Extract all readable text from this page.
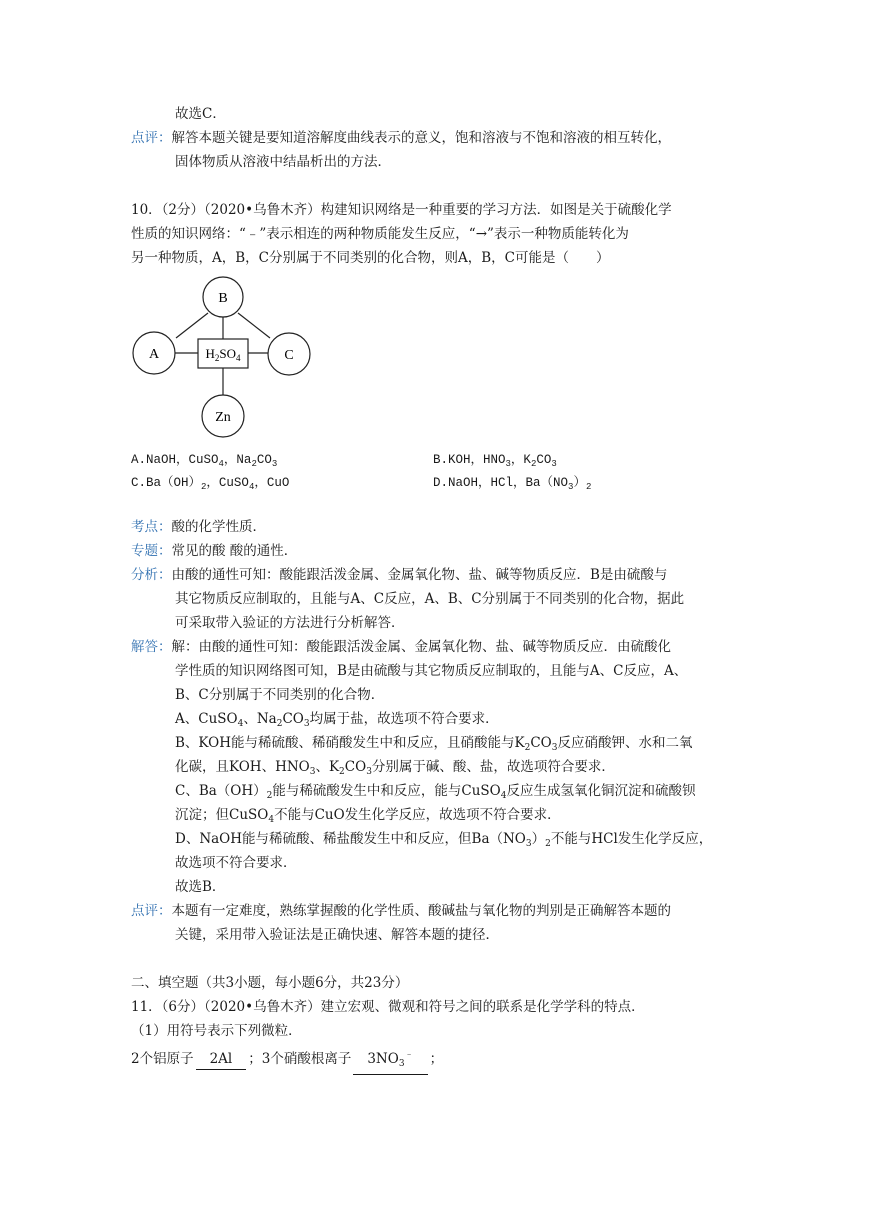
故选C．
点评：解答本题关键是要知道溶解度曲线表示的意义，饱和溶液与不饱和溶液的相互转化，
固体物质从溶液中结晶析出的方法．
10．（2分）（2020•乌鲁木齐）构建知识网络是一种重要的学习方法．如图是关于硫酸化学
性质的知识网络：“﹣”表示相连的两种物质能发生反应，“→”表示一种物质能转化为
另一种物质，A，B，C分别属于不同类别的化合物，则A，B，C可能是（　　）
B
A	C
Zn
$H_2SO_4$
A.NaOH，CuSO$_4$，$Na_2CO_3$	B.KOH，$HNO_3$，$K_2CO_3$
$C.Ba(OH)_2$，CuSO$_4$，CuO	D.NaOH，HCl，$Ba(NO_3)_2$
考点：酸的化学性质．
专题：常见的酸 酸的通性．
分析：由酸的通性可知：酸能跟活泼金属、金属氧化物、盐、碱等物质反应．B是由硫酸与
其它物质反应制取的，且能与A、C反应，A、B、C分别属于不同类别的化合物，据此
可采取带入验证的方法进行分析解答．
解答：解：由酸的通性可知：酸能跟活泼金属、金属氧化物、盐、碱等物质反应．由硫酸化
学性质的知识网络图可知，B是由硫酸与其它物质反应制取的，且能与A、C反应，A、
B、C分别属于不同类别的化合物．
A、CuSO$_4$、$Na_2CO_3$均属于盐，故选项不符合要求．
B、KOH能与稀硫酸、稀硝酸发生中和反应，且硝酸能与$K_2CO_3$反应硝酸钾、水和二氧
化碳，且KOH、$HNO_3$、$K_2CO_3$分别属于碱、酸、盐，故选项符合要求．
C、$Ba(OH)_2$能与稀硫酸发生中和反应，能与CuSO$_4$反应生成氢氧化铜沉淀和硫酸钡
沉淀；但CuSO$_4$不能与CuO发生化学反应，故选项不符合要求．
D、NaOH能与稀硫酸、稀盐酸发生中和反应，但$Ba(NO_3)_2$不能与HCl发生化学反应，
故选项不符合要求．
故选B．
点评：本题有一定难度，熟练掌握酸的化学性质、酸碱盐与氧化物的判别是正确解答本题的
关键，采用带入验证法是正确快速、解答本题的捷径．
二、填空题（共3小题，每小题6分，共23分）
11．（6分）（2020•乌鲁木齐）建立宏观、微观和符号之间的联系是化学学科的特点．
（1）用符号表示下列微粒．
2个铝原子 2Al ；3个硝酸根离子 $3NO_3^﹣$ ；
